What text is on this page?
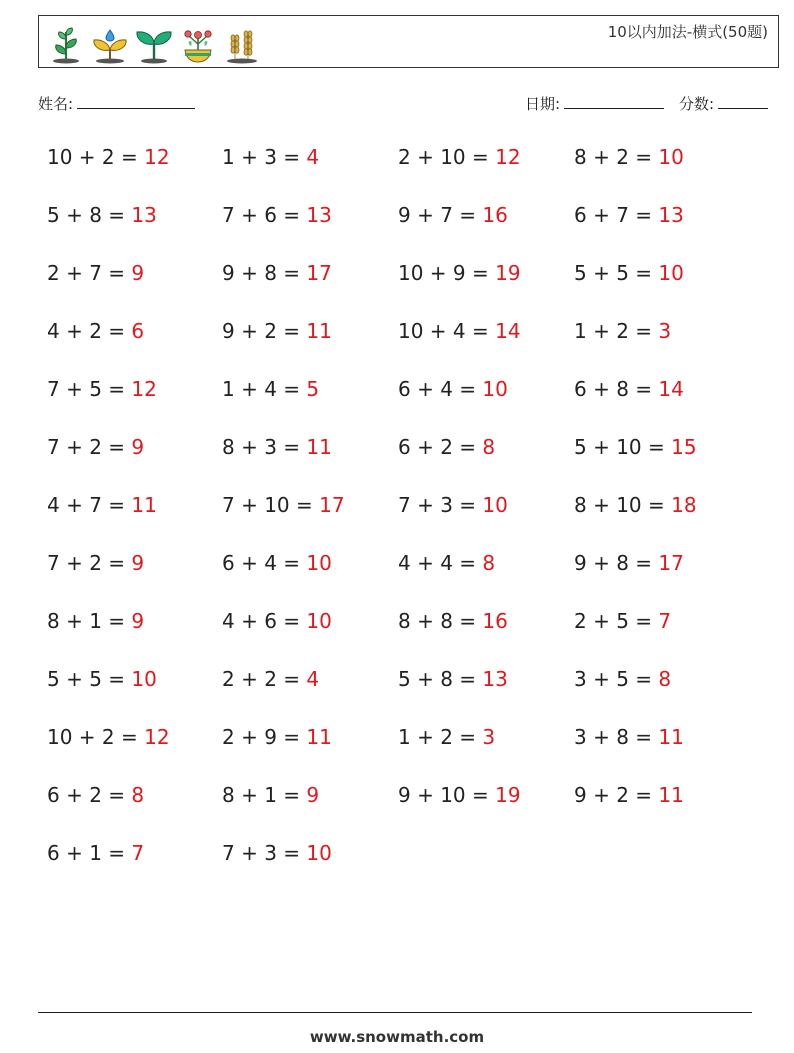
10以内加法-横式(50题)
姓名:	日期:	分数:
10 + 2 = 12
5 + 8 = 13
2 + 7 = 9
4 + 2 = 6
7 + 5 = 12
7 + 2 = 9
4 + 7 = 11
7 + 2 = 9
8 + 1 = 9
5 + 5 = 10
10 + 2 = 12
6 + 2 = 8
6 + 1 = 7
1 + 3 = 4
7 + 6 = 13
9 + 8 = 17
9 + 2 = 11
1 + 4 = 5
8 + 3 = 11
7 + 10 = 17
6 + 4 = 10
4 + 6 = 10
2 + 2 = 4
2 + 9 = 11
8 + 1 = 9
7 + 3 = 10
2 + 10 = 12
9 + 7 = 16
10 + 9 = 19
10 + 4 = 14
6 + 4 = 10
6 + 2 = 8
7 + 3 = 10
4 + 4 = 8
8 + 8 = 16
5 + 8 = 13
1 + 2 = 3
9 + 10 = 19
8 + 2 = 10
6 + 7 = 13
5 + 5 = 10
1 + 2 = 3
6 + 8 = 14
5 + 10 = 15
8 + 10 = 18
9 + 8 = 17
2 + 5 = 7
3 + 5 = 8
3 + 8 = 11
9 + 2 = 11
www.snowmath.com
